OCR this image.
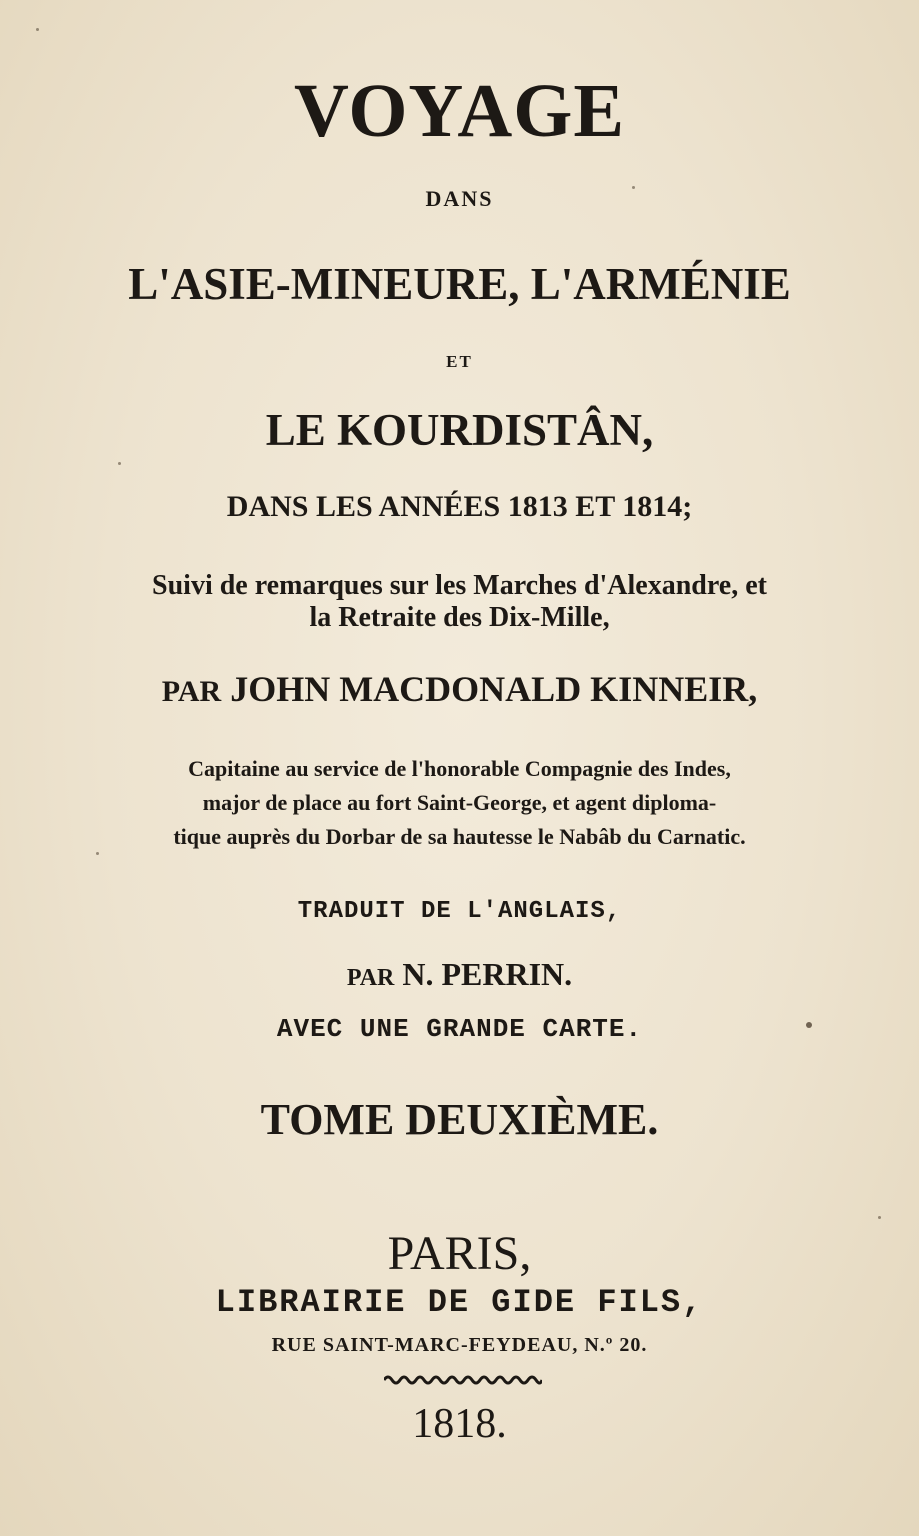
VOYAGE
DANS
L'ASIE-MINEURE, L'ARMÉNIE
ET
LE KOURDISTÂN,
DANS LES ANNÉES 1813 ET 1814;
Suivi de remarques sur les Marches d'Alexandre, et
la Retraite des Dix-Mille,
PAR JOHN MACDONALD KINNEIR,
Capitaine au service de l'honorable Compagnie des Indes,
major de place au fort Saint-George, et agent diploma-
tique auprès du Dorbar de sa hautesse le Nabâb du Carnatic.
TRADUIT DE L'ANGLAIS,
PAR N. PERRIN.
AVEC UNE GRANDE CARTE.
TOME DEUXIÈME.
PARIS,
LIBRAIRIE DE GIDE FILS,
RUE SAINT-MARC-FEYDEAU, N.º 20.
1818.
